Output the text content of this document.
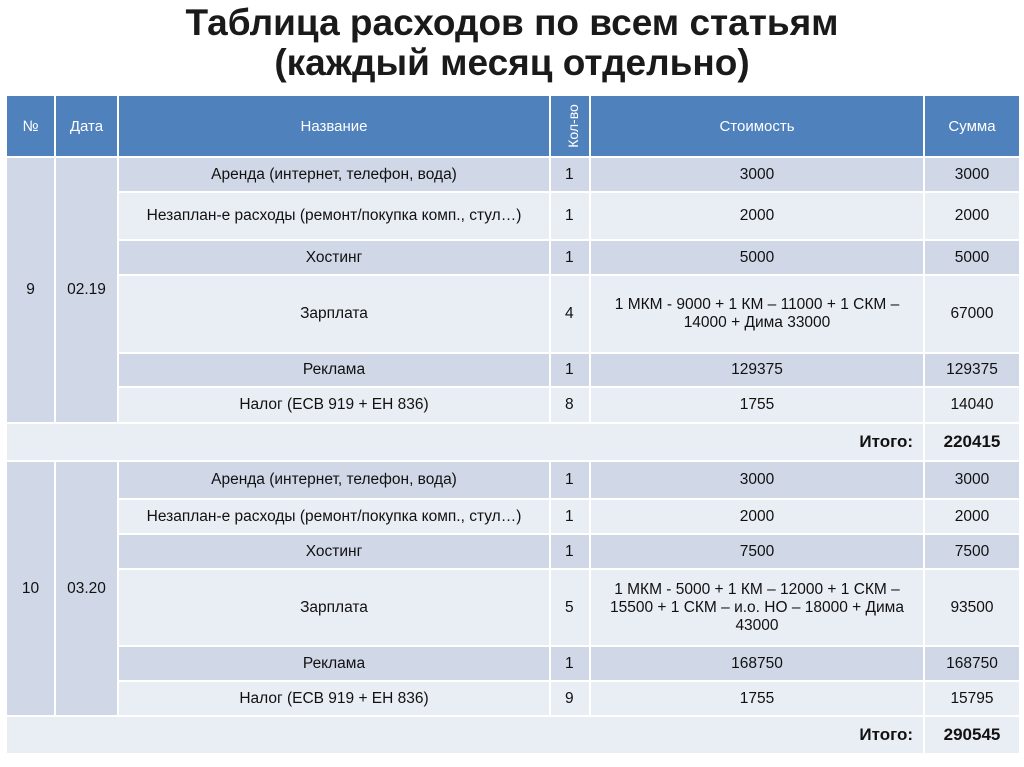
Таблица расходов по всем статьям
(каждый месяц отдельно)
№	Дата	Название	Кол-во	Стоимость	Сумма
9	02.19	Аренда (интернет, телефон, вода)	1	3000	3000
		Незаплан-е расходы (ремонт/покупка комп., стул…)	1	2000	2000
		Хостинг	1	5000	5000
		Зарплата	4	1 МКМ - 9000 + 1 КМ – 11000 + 1 СКМ – 14000 + Дима 33000	67000
		Реклама	1	129375	129375
		Налог (ЕСВ 919 + ЕН 836)	8	1755	14040
Итого:					220415
10	03.20	Аренда (интернет, телефон, вода)	1	3000	3000
		Незаплан-е расходы (ремонт/покупка комп., стул…)	1	2000	2000
		Хостинг	1	7500	7500
		Зарплата	5	1 МКМ - 5000 + 1 КМ – 12000 + 1 СКМ – 15500 + 1 СКМ – и.о. НО – 18000 + Дима 43000	93500
		Реклама	1	168750	168750
		Налог (ЕСВ 919 + ЕН 836)	9	1755	15795
Итого:					290545
